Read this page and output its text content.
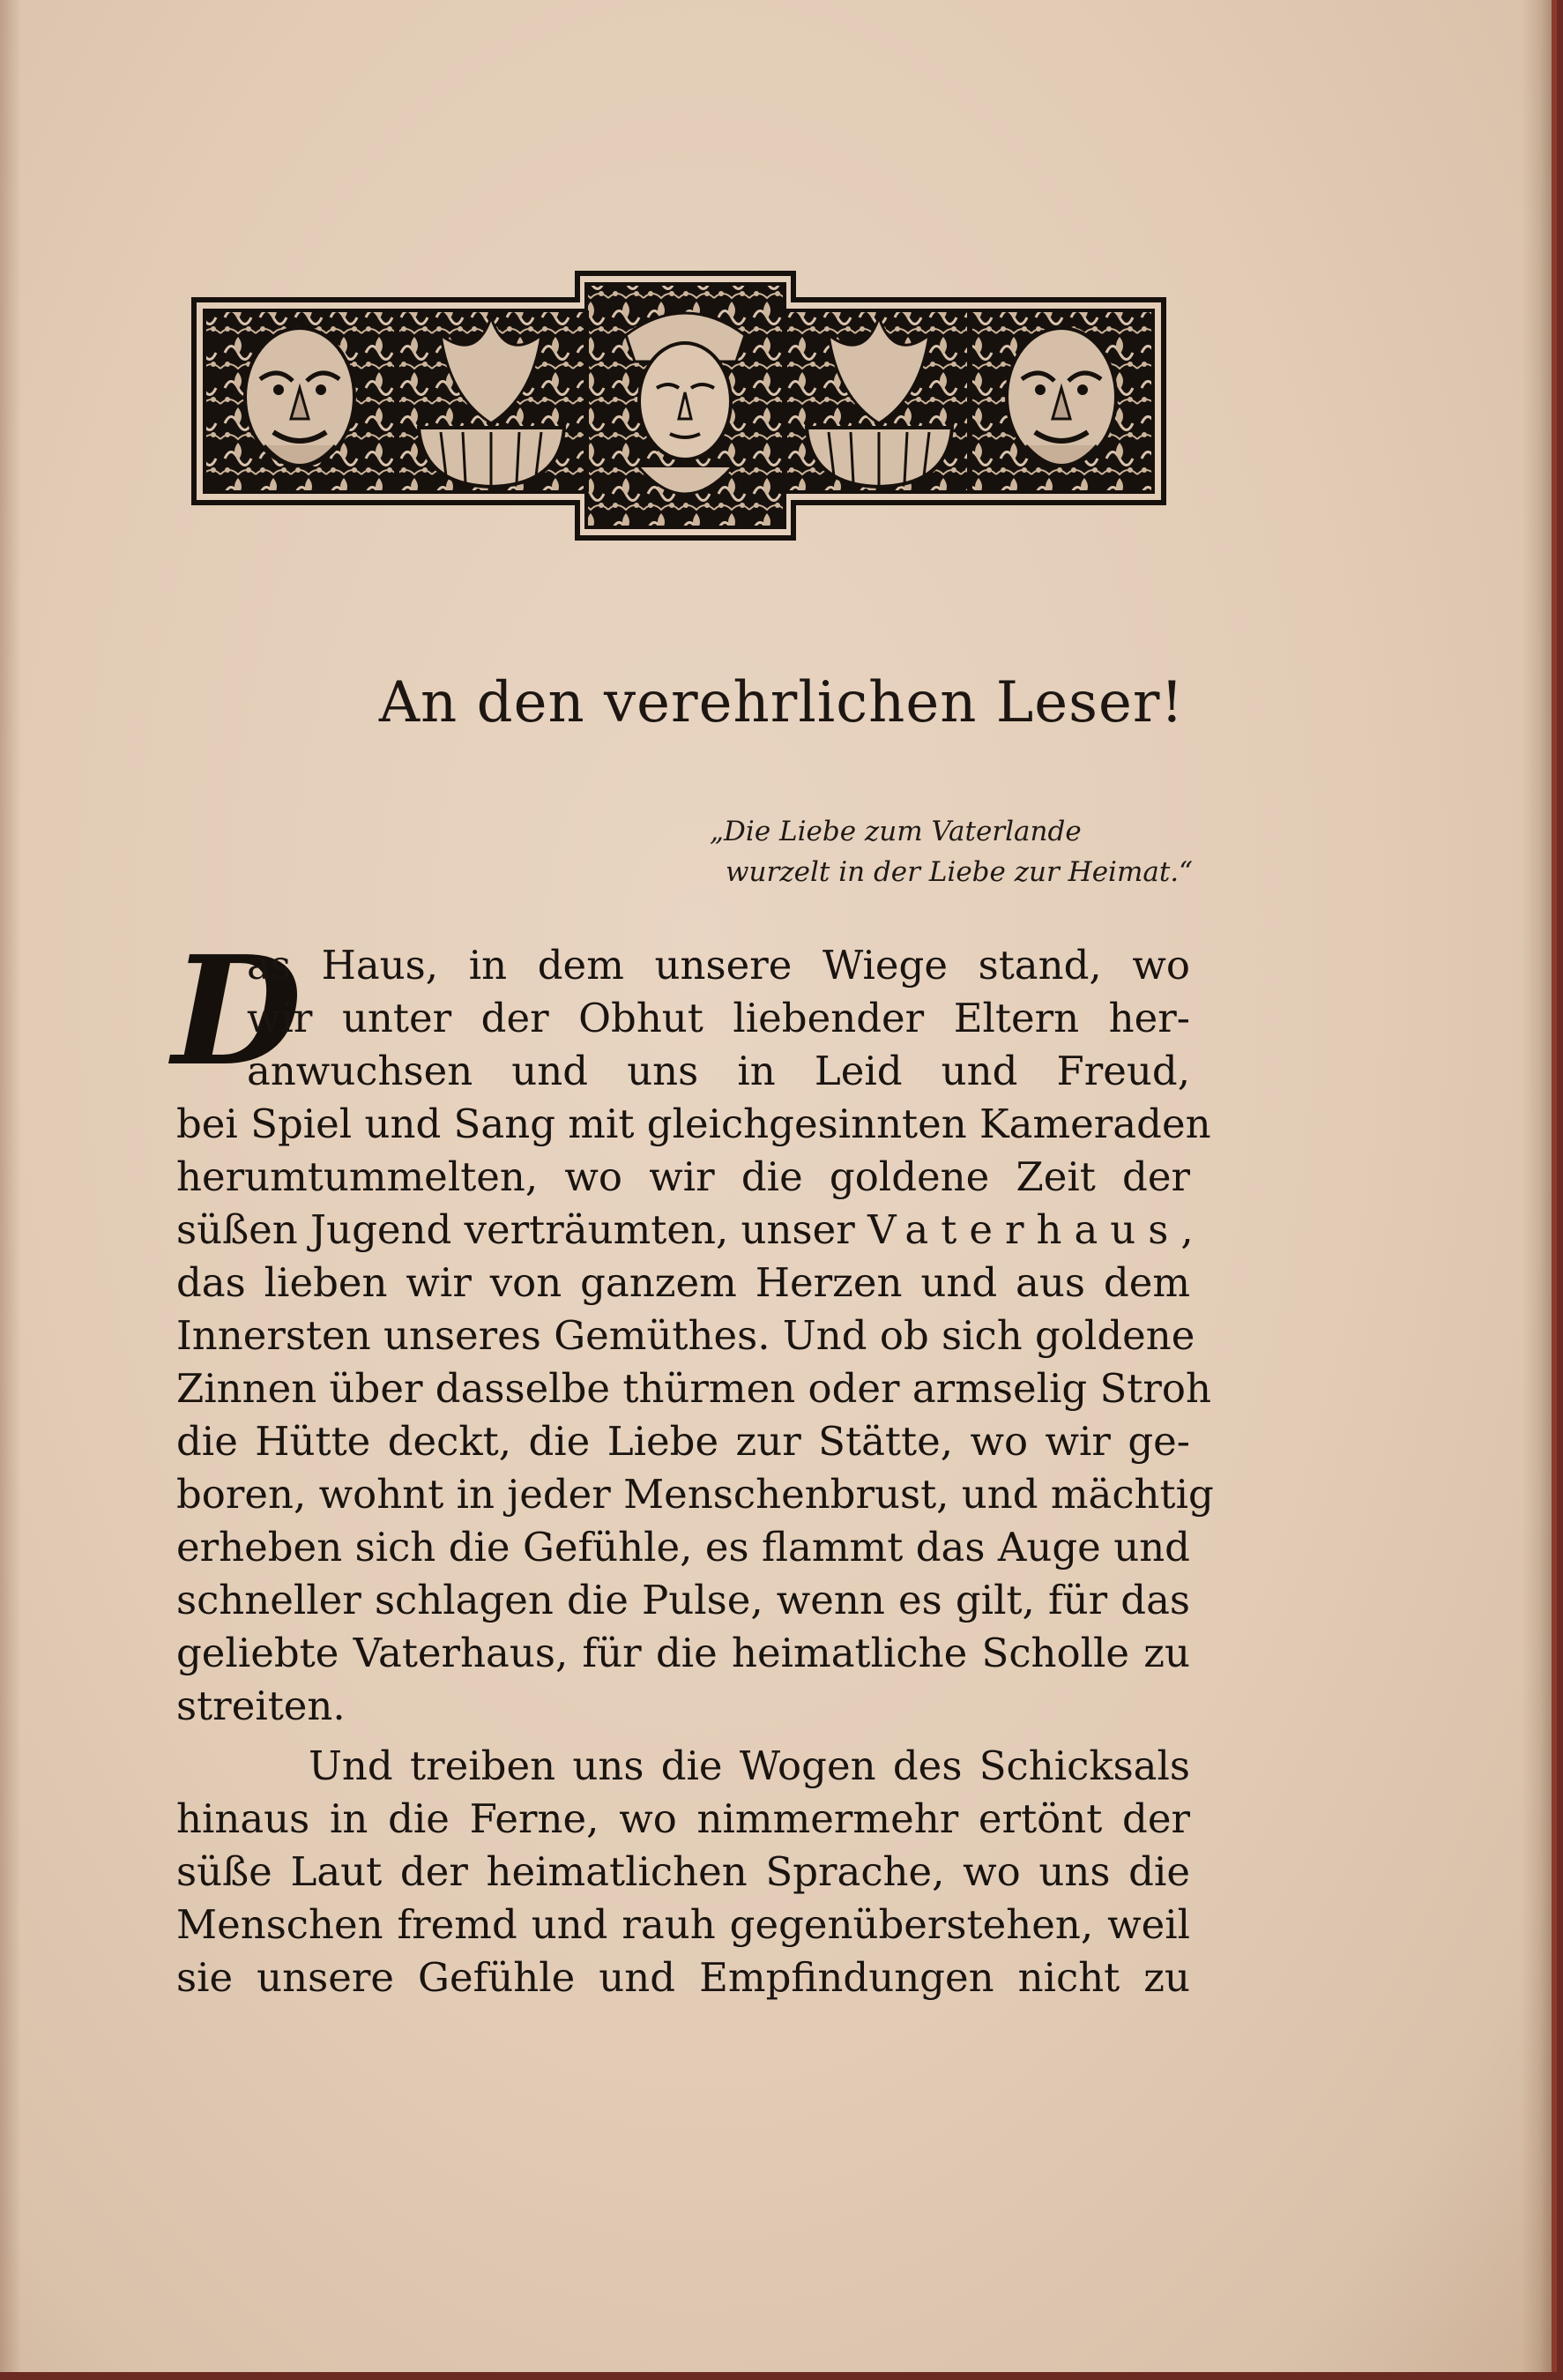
An den verehrlichen Leser!
„Die Liebe zum Vaterlande
wurzelt in der Liebe zur Heimat.“
D
as Haus, in dem unsere Wiege stand, wo
wir unter der Obhut liebender Eltern her-
anwuchsen und uns in Leid und Freud,
bei Spiel und Sang mit gleichgesinnten Kameraden
herumtummelten, wo wir die goldene Zeit der
süßen Jugend verträumten, unser Vaterhaus,
das lieben wir von ganzem Herzen und aus dem
Innersten unseres Gemüthes. Und ob sich goldene
Zinnen über dasselbe thürmen oder armselig Stroh
die Hütte deckt, die Liebe zur Stätte, wo wir ge-
boren, wohnt in jeder Menschenbrust, und mächtig
erheben sich die Gefühle, es flammt das Auge und
schneller schlagen die Pulse, wenn es gilt, für das
geliebte Vaterhaus, für die heimatliche Scholle zu
streiten.
Und treiben uns die Wogen des Schicksals
hinaus in die Ferne, wo nimmermehr ertönt der
süße Laut der heimatlichen Sprache, wo uns die
Menschen fremd und rauh gegenüberstehen, weil
sie unsere Gefühle und Empfindungen nicht zu
